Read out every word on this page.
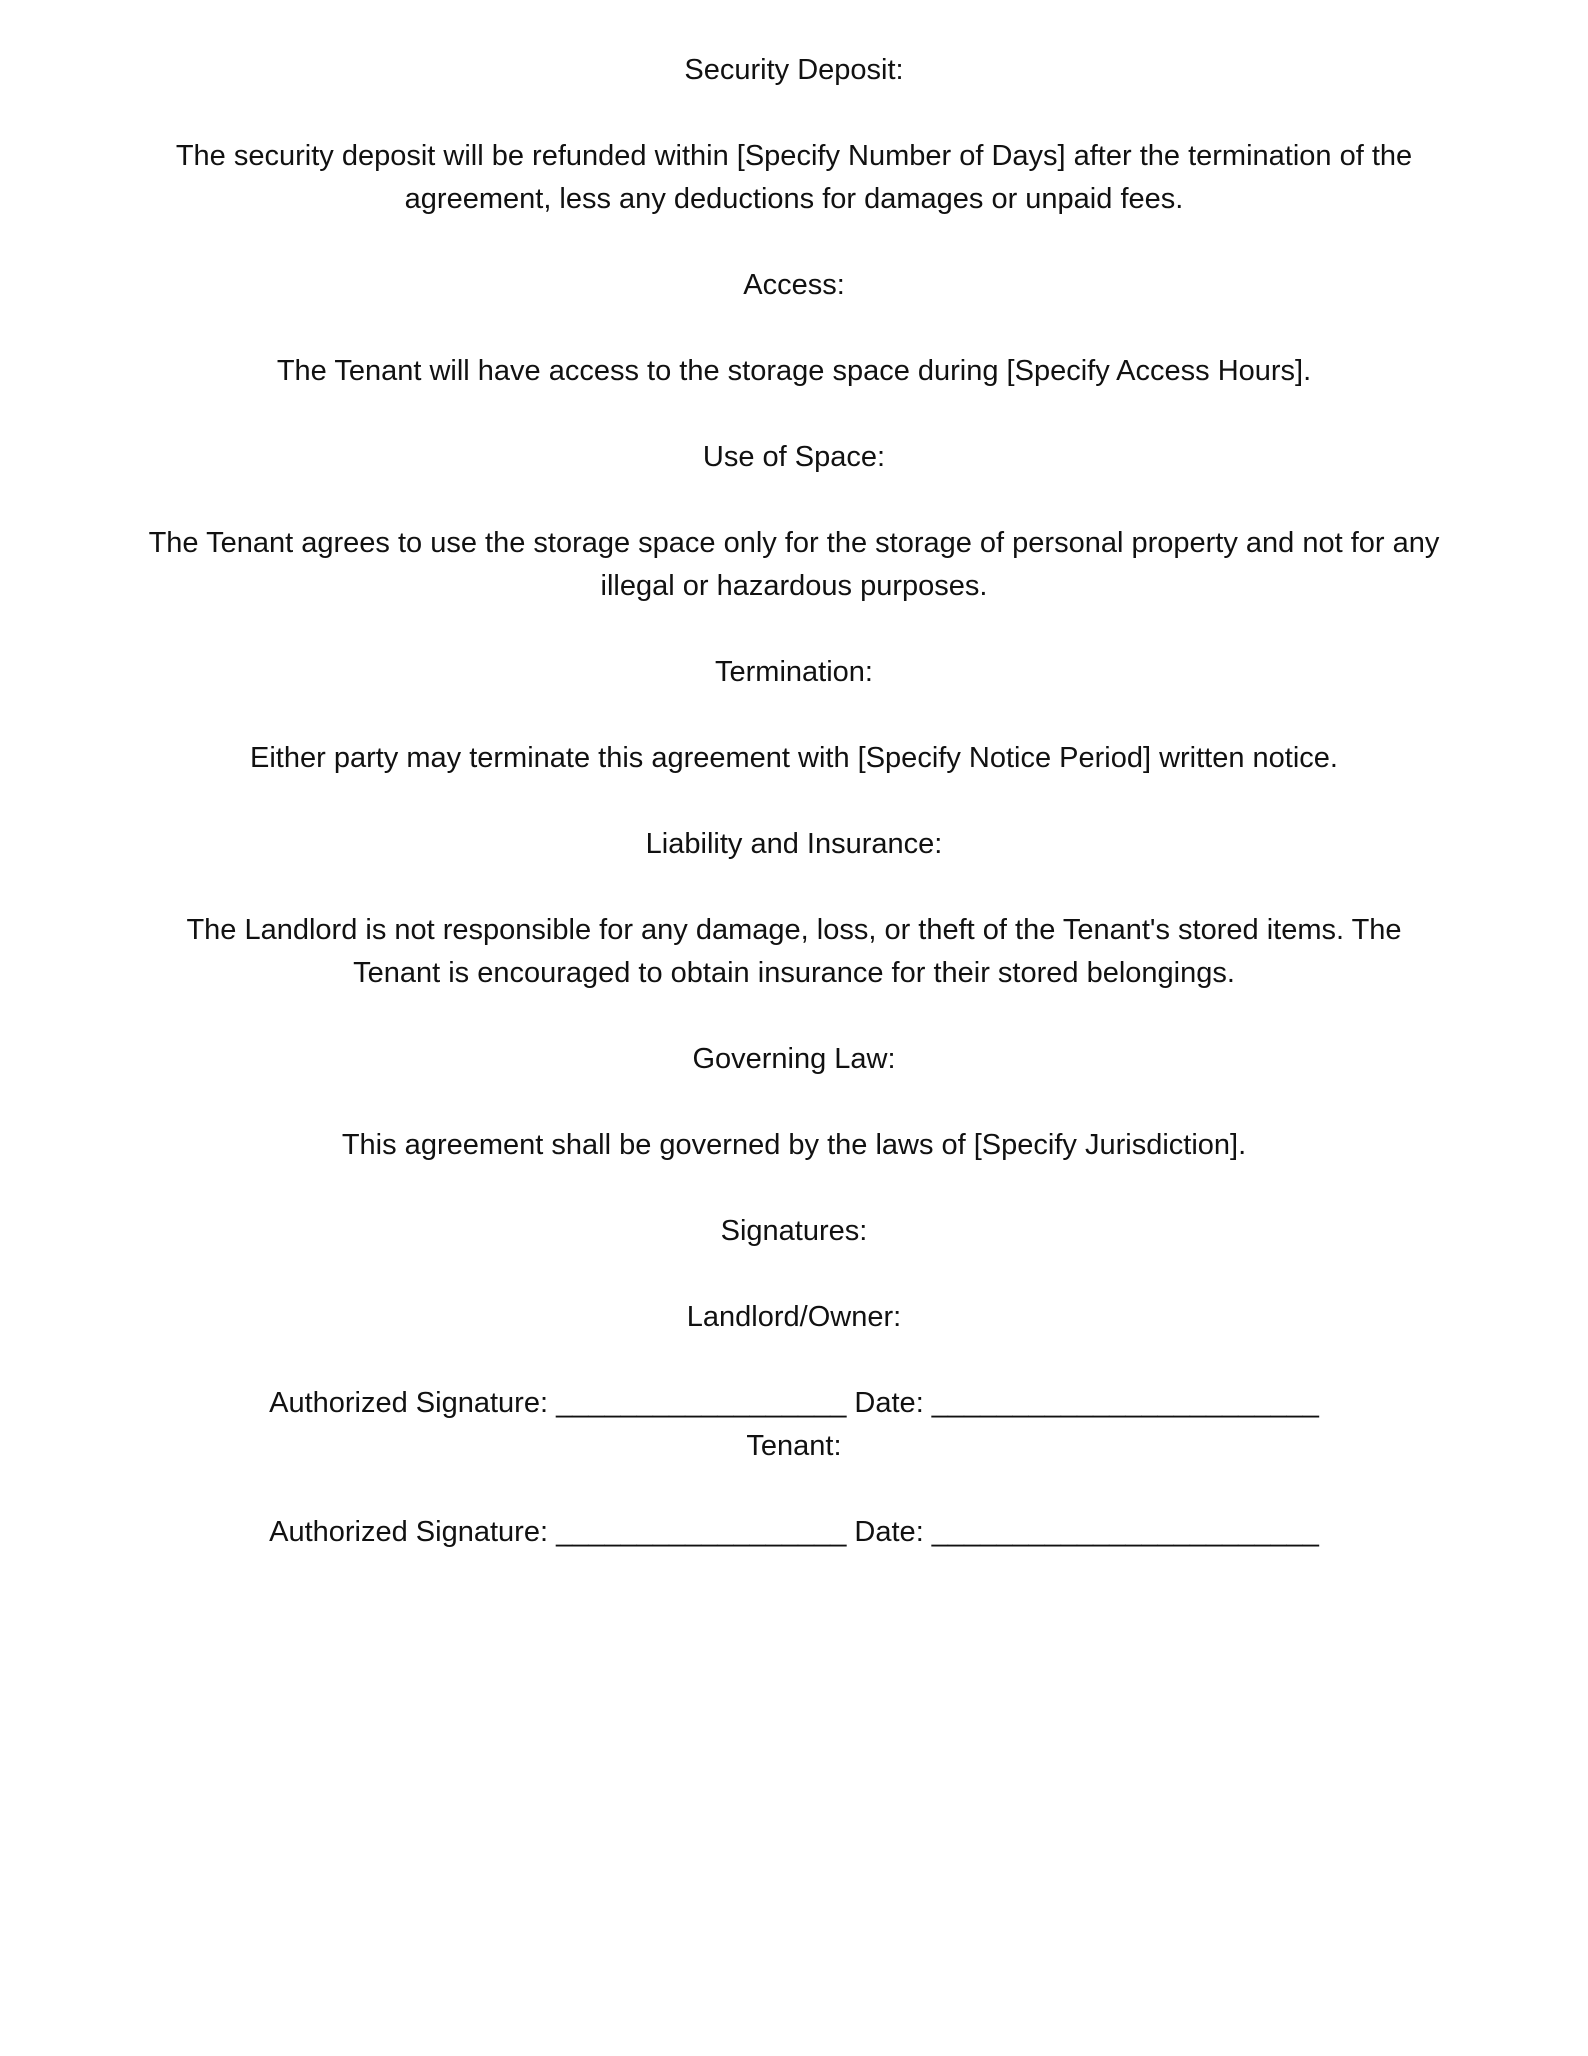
Security Deposit:
The security deposit will be refunded within [Specify Number of Days] after the termination of the
agreement, less any deductions for damages or unpaid fees.
Access:
The Tenant will have access to the storage space during [Specify Access Hours].
Use of Space:
The Tenant agrees to use the storage space only for the storage of personal property and not for any
illegal or hazardous purposes.
Termination:
Either party may terminate this agreement with [Specify Notice Period] written notice.
Liability and Insurance:
The Landlord is not responsible for any damage, loss, or theft of the Tenant's stored items. The
Tenant is encouraged to obtain insurance for their stored belongings.
Governing Law:
This agreement shall be governed by the laws of [Specify Jurisdiction].
Signatures:
Landlord/Owner:
Authorized Signature: __________________ Date: ________________________
Tenant:
Authorized Signature: __________________ Date: ________________________
